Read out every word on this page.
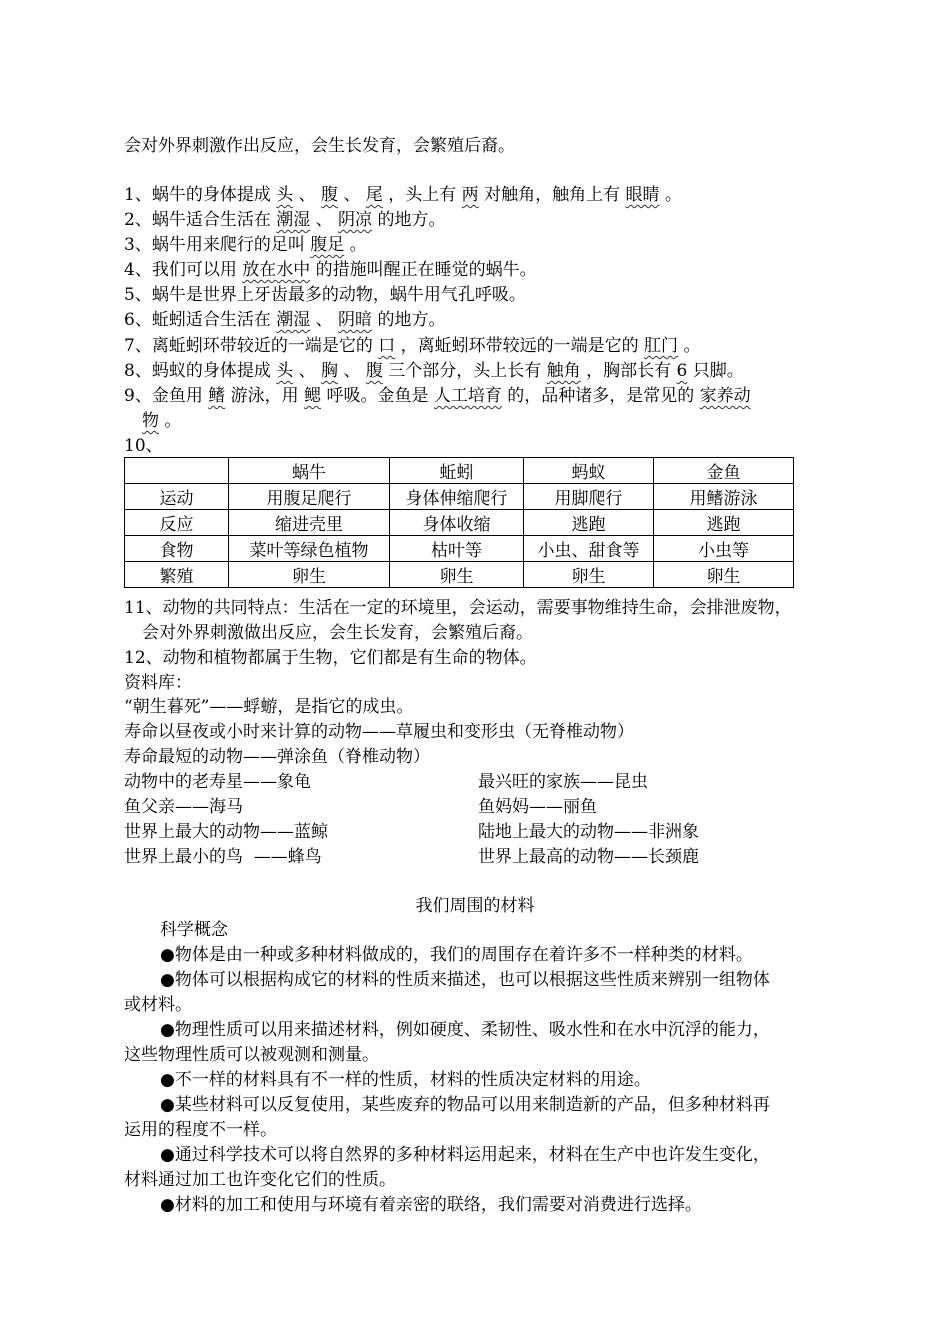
会对外界刺激作出反应，会生长发育，会繁殖后裔。
1、蜗牛的身体提成 头 、 腹 、 尾 ，头上有 两 对触角，触角上有 眼睛 。
2、蜗牛适合生活在 潮湿 、 阴凉 的地方。
3、蜗牛用来爬行的足叫 腹足 。
4、我们可以用 放在水中 的措施叫醒正在睡觉的蜗牛。
5、蜗牛是世界上牙齿最多的动物，蜗牛用气孔呼吸。
6、蚯蚓适合生活在 潮湿 、 阴暗 的地方。
7、离蚯蚓环带较近的一端是它的 口 ，离蚯蚓环带较远的一端是它的 肛门 。
8、蚂蚁的身体提成 头 、 胸 、 腹 三个部分，头上长有 触角 ，胸部长有 6 只脚。
9、金鱼用 鳍 游泳，用 鳃 呼吸。金鱼是 人工培育 的，品种诸多，是常见的 家养动
物 。
10、
	蜗牛	蚯蚓	蚂蚁	金鱼
运动	用腹足爬行	身体伸缩爬行	用脚爬行	用鳍游泳
反应	缩进壳里	身体收缩	逃跑	逃跑
食物	菜叶等绿色植物	枯叶等	小虫、甜食等	小虫等
繁殖	卵生	卵生	卵生	卵生
11、动物的共同特点：生活在一定的环境里，会运动，需要事物维持生命，会排泄废物，
会对外界刺激做出反应，会生长发育，会繁殖后裔。
12、动物和植物都属于生物，它们都是有生命的物体。
资料库：
“朝生暮死”——蜉蝣，是指它的成虫。
寿命以昼夜或小时来计算的动物——草履虫和变形虫（无脊椎动物）
寿命最短的动物——弹涂鱼（脊椎动物）
动物中的老寿星——象龟	最兴旺的家族——昆虫
鱼父亲——海马	鱼妈妈——丽鱼
世界上最大的动物——蓝鲸	陆地上最大的动物——非洲象
世界上最小的鸟  ——蜂鸟	世界上最高的动物——长颈鹿
我们周围的材料
科学概念
●物体是由一种或多种材料做成的，我们的周围存在着许多不一样种类的材料。
●物体可以根据构成它的材料的性质来描述，也可以根据这些性质来辨别一组物体
或材料。
●物理性质可以用来描述材料，例如硬度、柔韧性、吸水性和在水中沉浮的能力，
这些物理性质可以被观测和测量。
●不一样的材料具有不一样的性质，材料的性质决定材料的用途。
●某些材料可以反复使用，某些废弃的物品可以用来制造新的产品，但多种材料再
运用的程度不一样。
●通过科学技术可以将自然界的多种材料运用起来，材料在生产中也许发生变化，
材料通过加工也许变化它们的性质。
●材料的加工和使用与环境有着亲密的联络，我们需要对消费进行选择。
